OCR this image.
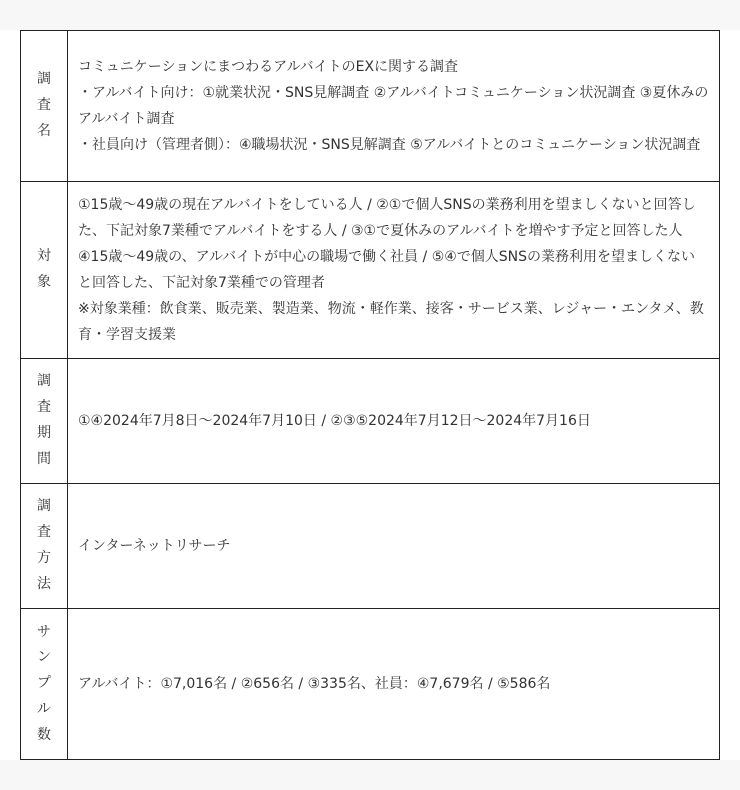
調査名	コミュニケーションにまつわるアルバイトのEXに関する調査
・アルバイト向け：①就業状況・SNS見解調査 ②アルバイトコミュニケーション状況調査 ③夏休みのアルバイト調査
・社員向け（管理者側）：④職場状況・SNS見解調査 ⑤アルバイトとのコミュニケーション状況調査

対象	①15歳〜49歳の現在アルバイトをしている人 / ②①で個人SNSの業務利用を望ましくないと回答した、下記対象7業種でアルバイトをする人 / ③①で夏休みのアルバイトを増やす予定と回答した人
④15歳〜49歳の、アルバイトが中心の職場で働く社員 / ⑤④で個人SNSの業務利用を望ましくないと回答した、下記対象7業種での管理者
※対象業種：飲食業、販売業、製造業、物流・軽作業、接客・サービス業、レジャー・エンタメ、教育・学習支援業

調査期間	①④2024年7月8日〜2024年7月10日 / ②③⑤2024年7月12日〜2024年7月16日

調査方法	インターネットリサーチ

サンプル数	アルバイト：①7,016名 / ②656名 / ③335名、社員：④7,679名 / ⑤586名
